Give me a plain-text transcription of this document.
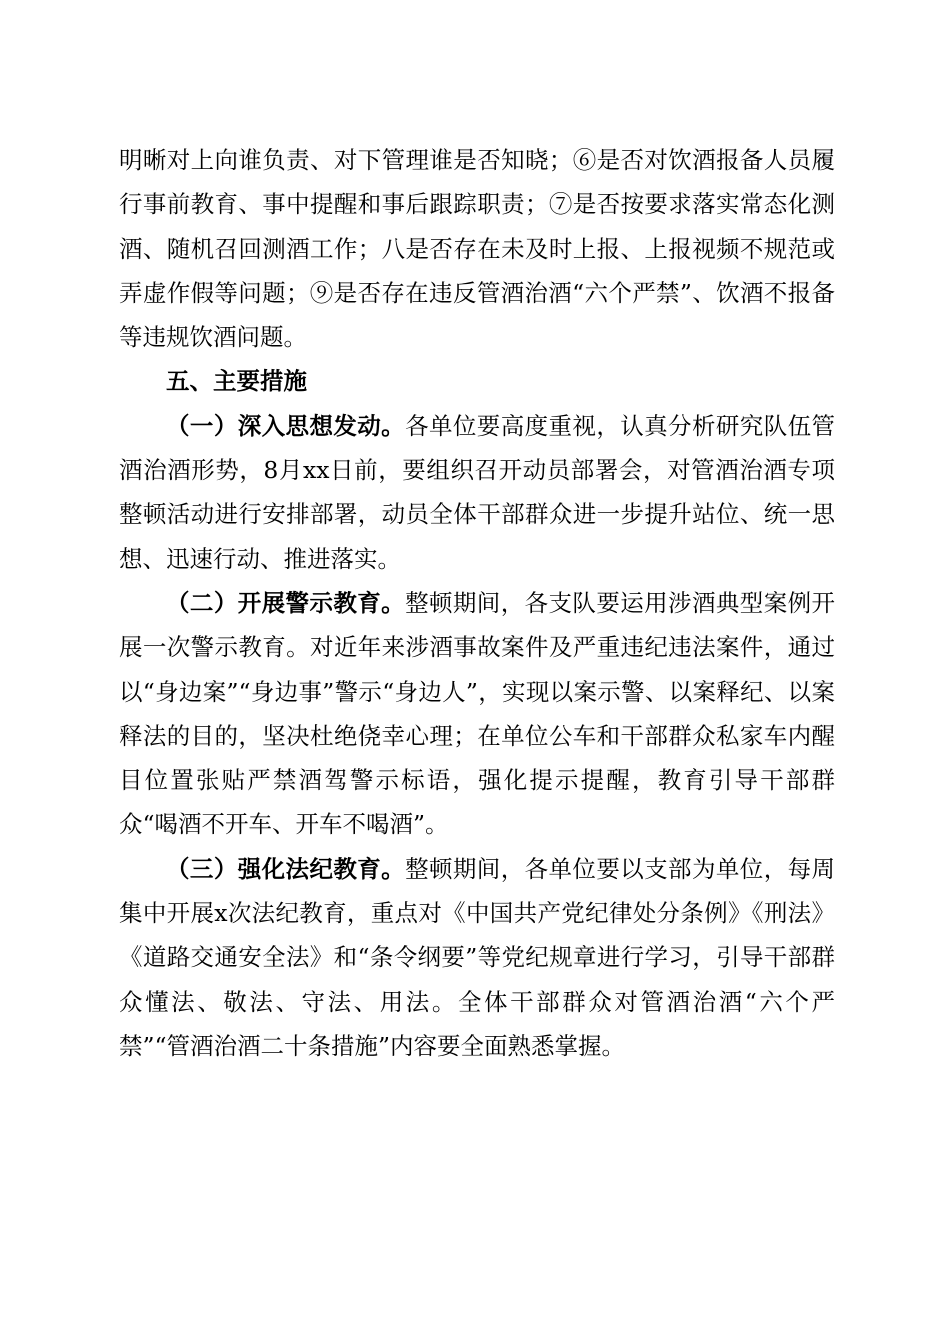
明晰对上向谁负责、对下管理谁是否知晓；⑥是否对饮酒报备人员履行事前教育、事中提醒和事后跟踪职责；⑦是否按要求落实常态化测酒、随机召回测酒工作；八是否存在未及时上报、上报视频不规范或弄虚作假等问题；⑨是否存在违反管酒治酒“六个严禁”、饮酒不报备等违规饮酒问题。

五、主要措施

（一）深入思想发动。各单位要高度重视，认真分析研究队伍管酒治酒形势，8月xx日前，要组织召开动员部署会，对管酒治酒专项整顿活动进行安排部署，动员全体干部群众进一步提升站位、统一思想、迅速行动、推进落实。

（二）开展警示教育。整顿期间，各支队要运用涉酒典型案例开展一次警示教育。对近年来涉酒事故案件及严重违纪违法案件，通过以“身边案”“身边事”警示“身边人”，实现以案示警、以案释纪、以案释法的目的，坚决杜绝侥幸心理；在单位公车和干部群众私家车内醒目位置张贴严禁酒驾警示标语，强化提示提醒，教育引导干部群众“喝酒不开车、开车不喝酒”。

（三）强化法纪教育。整顿期间，各单位要以支部为单位，每周集中开展x次法纪教育，重点对《中国共产党纪律处分条例》《刑法》《道路交通安全法》和“条令纲要”等党纪规章进行学习，引导干部群众懂法、敬法、守法、用法。全体干部群众对管酒治酒“六个严禁”“管酒治酒二十条措施”内容要全面熟悉掌握。
